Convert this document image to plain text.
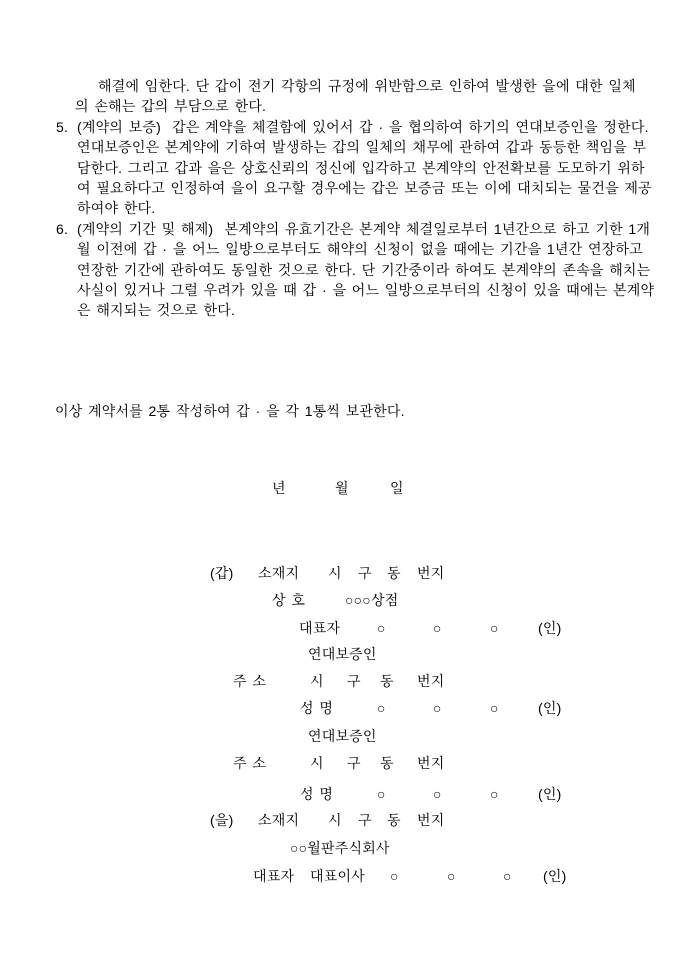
해결에 임한다. 단 갑이 전기 각항의 규정에 위반함으로 인하여 발생한 을에 대한 일체
의 손해는 갑의 부담으로 한다.
5. (계약의 보증)  갑은 계약을 체결함에 있어서 갑 · 을 협의하여 하기의 연대보증인을 정한다.
연대보증인은 본계약에 기하여 발생하는 갑의 일체의 채무에 관하여 갑과 동등한 책임을 부
담한다. 그리고 갑과 을은 상호신뢰의 정신에 입각하고 본계약의 안전확보를 도모하기 위하
여 필요하다고 인정하여 을이 요구할 경우에는 갑은 보증금 또는 이에 대치되는 물건을 제공
하여야 한다.
6. (계약의 기간 및 해제)  본계약의 유효기간은 본계약 체결일로부터 1년간으로 하고 기한 1개
월 이전에 갑 · 을 어느 일방으로부터도 해약의 신청이 없을 때에는 기간을 1년간 연장하고
연장한 기간에 관하여도 동일한 것으로 한다. 단 기간중이라 하여도 본계약의 존속을 해치는
사실이 있거나 그럴 우려가 있을 때 갑 · 을 어느 일방으로부터의 신청이 있을 때에는 본계약
은 해지되는 것으로 한다.
이상 계약서를 2통 작성하여 갑 · 을 각 1통씩 보관한다.
년	월	일
(갑) 소재지 시 구 동 번지
상 호	○○○상점
대표자	○	○	○	(인)
연대보증인
주 소	시 구 동 번지
성 명	○	○	○	(인)
연대보증인
주 소	시 구 동 번지
성 명	○	○	○	(인)
(을) 소재지 시 구 동 번지
○○월판주식회사
대표자 대표이사 ○	○	○ (인)
